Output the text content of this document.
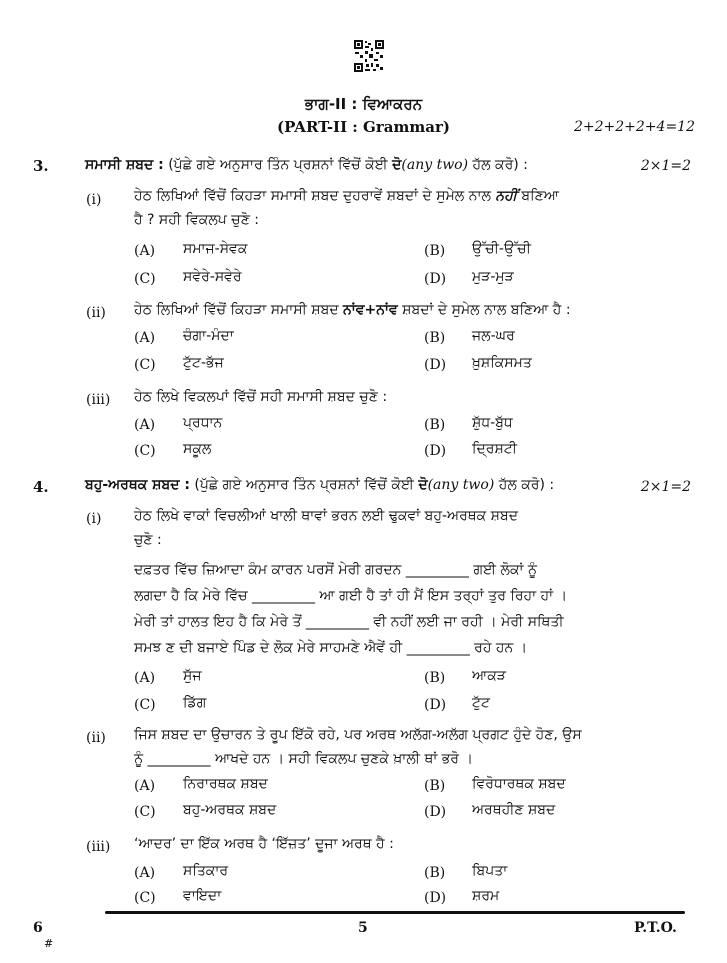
ਭਾਗ-II : ਵਿਆਕਰਨ
(PART-II : Grammar)	2+2+2+2+4=12
3.	ਸਮਾਸੀ ਸ਼ਬਦ : (ਪੁੱਛੇ ਗਏ ਅਨੁਸਾਰ ਤਿੰਨ ਪ੍ਰਸ਼ਨਾਂ ਵਿੱਚੋਂ ਕੋਈ ਦੋ(any two) ਹੱਲ ਕਰੋ) :	2×1=2
(i) ਹੇਠ ਲਿਖਿਆਂ ਵਿੱਚੋਂ ਕਿਹੜਾ ਸਮਾਸੀ ਸ਼ਬਦ ਦੁਹਰਾਵੇਂ ਸ਼ਬਦਾਂ ਦੇ ਸੁਮੇਲ ਨਾਲ ਨਹੀਂ ਬਣਿਆ
ਹੈ ? ਸਹੀ ਵਿਕਲਪ ਚੁਣੋ :
(A) ਸਮਾਜ-ਸੇਵਕ	(B) ਉੱਚੀ-ਉੱਚੀ
(C) ਸਵੇਰੇ-ਸਵੇਰੇ	(D) ਮੁੜ-ਮੁੜ
(ii) ਹੇਠ ਲਿਖਿਆਂ ਵਿੱਚੋਂ ਕਿਹੜਾ ਸਮਾਸੀ ਸ਼ਬਦ ਨਾਂਵ+ਨਾਂਵ ਸ਼ਬਦਾਂ ਦੇ ਸੁਮੇਲ ਨਾਲ ਬਣਿਆ ਹੈ :
(A) ਚੰਗਾ-ਮੰਦਾ	(B) ਜਲ-ਘਰ
(C) ਟੁੱਟ-ਭੱਜ	(D) ਖ਼ੁਸ਼ਕਿਸਮਤ
(iii) ਹੇਠ ਲਿਖੇ ਵਿਕਲਪਾਂ ਵਿੱਚੋਂ ਸਹੀ ਸਮਾਸੀ ਸ਼ਬਦ ਚੁਣੋ :
(A) ਪ੍ਰਧਾਨ	(B) ਸ਼ੁੱਧ-ਬੁੱਧ
(C) ਸਕੂਲ	(D) ਦ੍ਰਿਸ਼ਟੀ
4.	ਬਹੁ-ਅਰਥਕ ਸ਼ਬਦ : (ਪੁੱਛੇ ਗਏ ਅਨੁਸਾਰ ਤਿੰਨ ਪ੍ਰਸ਼ਨਾਂ ਵਿੱਚੋਂ ਕੋਈ ਦੋ(any two) ਹੱਲ ਕਰੋ) :	2×1=2
(i) ਹੇਠ ਲਿਖੇ ਵਾਕਾਂ ਵਿਚਲੀਆਂ ਖਾਲੀ ਥਾਵਾਂ ਭਰਨ ਲਈ ਢੁਕਵਾਂ ਬਹੁ-ਅਰਥਕ ਸ਼ਬਦ
ਚੁਣੋ :
ਦਫ਼ਤਰ ਵਿੱਚ ਜ਼ਿਆਦਾ ਕੰਮ ਕਾਰਨ ਪਰਸੋਂ ਮੇਰੀ ਗਰਦਨ _________ ਗਈ ਲੋਕਾਂ ਨੂੰ
ਲਗਦਾ ਹੈ ਕਿ ਮੇਰੇ ਵਿੱਚ _________ ਆ ਗਈ ਹੈ ਤਾਂ ਹੀ ਮੈਂ ਇਸ ਤਰ੍ਹਾਂ ਤੁਰ ਰਿਹਾ ਹਾਂ ।
ਮੇਰੀ ਤਾਂ ਹਾਲਤ ਇਹ ਹੈ ਕਿ ਮੇਰੇ ਤੋਂ _________ ਵੀ ਨਹੀਂ ਲਈ ਜਾ ਰਹੀ । ਮੇਰੀ ਸਥਿਤੀ
ਸਮਝ ਣ ਦੀ ਬਜਾਏ ਪਿੰਡ ਦੇ ਲੋਕ ਮੇਰੇ ਸਾਹਮਣੇ ਐਵੇਂ ਹੀ _________ ਰਹੇ ਹਨ ।
(A) ਸੁੱਜ	(B) ਆਕੜ
(C) ਡਿੱਗ	(D) ਟੁੱਟ
(ii) ਜਿਸ ਸ਼ਬਦ ਦਾ ਉਚਾਰਨ ਤੇ ਰੂਪ ਇੱਕੋ ਰਹੇ, ਪਰ ਅਰਥ ਅਲੱਗ-ਅਲੱਗ ਪ੍ਰਗਟ ਹੁੰਦੇ ਹੋਣ, ਉਸ
ਨੂੰ _________ ਆਖਦੇ ਹਨ । ਸਹੀ ਵਿਕਲਪ ਚੁਣਕੇ ਖ਼ਾਲੀ ਥਾਂ ਭਰੋ ।
(A) ਨਿਰਾਰਥਕ ਸ਼ਬਦ	(B) ਵਿਰੋਧਾਰਥਕ ਸ਼ਬਦ
(C) ਬਹੁ-ਅਰਥਕ ਸ਼ਬਦ	(D) ਅਰਥਹੀਣ ਸ਼ਬਦ
(iii) ‘ਆਦਰ’ ਦਾ ਇੱਕ ਅਰਥ ਹੈ ‘ਇੱਜ਼ਤ’ ਦੂਜਾ ਅਰਥ ਹੈ :
(A) ਸਤਿਕਾਰ	(B) ਬਿਪਤਾ
(C) ਵਾਇਦਾ	(D) ਸ਼ਰਮ
6
#
5	P.T.O.
